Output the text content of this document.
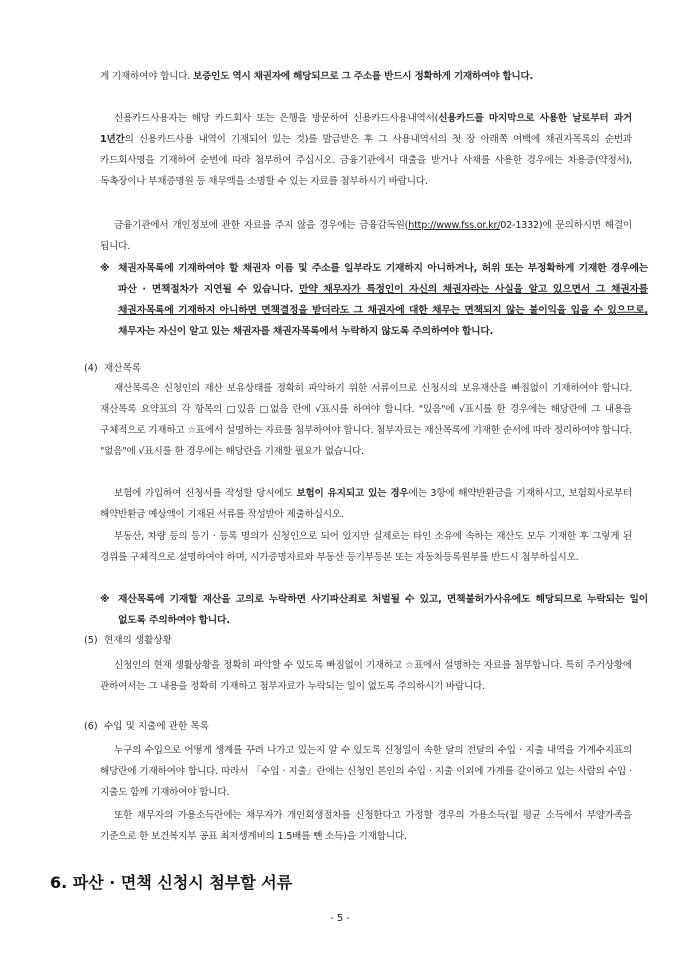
게 기재하여야 합니다. 보증인도 역시 채권자에 해당되므로 그 주소를 반드시 정확하게 기재하여야 합니다.
신용카드사용자는 해당 카드회사 또는 은행을 방문하여 신용카드사용내역서(신용카드를 마지막으로 사용한 날로부터 과거 1년간의 신용카드사용 내역이 기재되어 있는 것)를 발급받은 후 그 사용내역서의 첫 장 아래쪽 여백에 채권자목록의 순번과 카드회사명을 기재하여 순번에 따라 첨부하여 주십시오. 금융기관에서 대출을 받거나 사채를 사용한 경우에는 차용증(약정서), 독촉장이나 부채증명원 등 채무액을 소명할 수 있는 자료를 첨부하시기 바랍니다.
금융기관에서 개인정보에 관한 자료를 주지 않을 경우에는 금융감독원(http://www.fss.or.kr/02-1332)에 문의하시면 해결이 됩니다.
※ 채권자목록에 기재하여야 할 채권자 이름 및 주소를 일부라도 기재하지 아니하거나, 허위 또는 부정확하게 기재한 경우에는 파산 · 면책절차가 지연될 수 있습니다. 만약 채무자가 특정인이 자신의 채권자라는 사실을 알고 있으면서 그 채권자를 채권자목록에 기재하지 아니하면 면책결정을 받더라도 그 채권자에 대한 채무는 면책되지 않는 불이익을 입을 수 있으므로, 채무자는 자신이 알고 있는 채권자를 채권자목록에서 누락하지 않도록 주의하여야 합니다.
(4) 재산목록
재산목록은 신청인의 재산 보유상태를 정확히 파악하기 위한 서류이므로 신청시의 보유재산을 빠짐없이 기재하여야 합니다. 재산목록 요약표의 각 항목의 □있음 □없음 란에 √표시를 하여야 합니다. "있음"에 √표시를 한 경우에는 해당란에 그 내용을 구체적으로 기재하고 ☆표에서 설명하는 자료를 첨부하여야 합니다. 첨부자료는 재산목록에 기재한 순서에 따라 정리하여야 합니다. "없음"에 √표시를 한 경우에는 해당란을 기재할 필요가 없습니다.
보험에 가입하여 신청서를 작성할 당시에도 보험이 유지되고 있는 경우에는 3항에 해약반환금을 기재하시고, 보험회사로부터 해약반환금 예상액이 기재된 서류를 작성받아 제출하십시오.
부동산, 차량 등의 등기 · 등록 명의가 신청인으로 되어 있지만 실제로는 타인 소유에 속하는 재산도 모두 기재한 후 그렇게 된 경위를 구체적으로 설명하여야 하며, 시가증명자료와 부동산 등기부등본 또는 자동차등록원부를 반드시 첨부하십시오.
※ 재산목록에 기재할 재산을 고의로 누락하면 사기파산죄로 처벌될 수 있고, 면책불허가사유에도 해당되므로 누락되는 일이 없도록 주의하여야 합니다.
(5) 현재의 생활상황
신청인의 현재 생활상황을 정확히 파악할 수 있도록 빠짐없이 기재하고 ☆표에서 설명하는 자료를 첨부합니다. 특히 주거상황에 관하여서는 그 내용을 정확히 기재하고 첨부자료가 누락되는 일이 없도록 주의하시기 바랍니다.
(6) 수입 및 지출에 관한 목록
누구의 수입으로 어떻게 생계를 꾸려 나가고 있는지 알 수 있도록 신청일이 속한 달의 전달의 수입 · 지출 내역을 가계수지표의 해당란에 기재하여야 합니다. 따라서 「수입 · 지출」란에는 신청인 본인의 수입 · 지출 이외에 가계를 같이하고 있는 사람의 수입 · 지출도 함께 기재하여야 합니다.
또한 채무자의 가용소득란에는 채무자가 개인회생절차를 신청한다고 가정할 경우의 가용소득(월 평균 소득에서 부양가족을 기준으로 한 보건복지부 공표 최저생계비의 1.5배를 뺀 소득)을 기재합니다.
6. 파산 · 면책 신청시 첨부할 서류
- 5 -
